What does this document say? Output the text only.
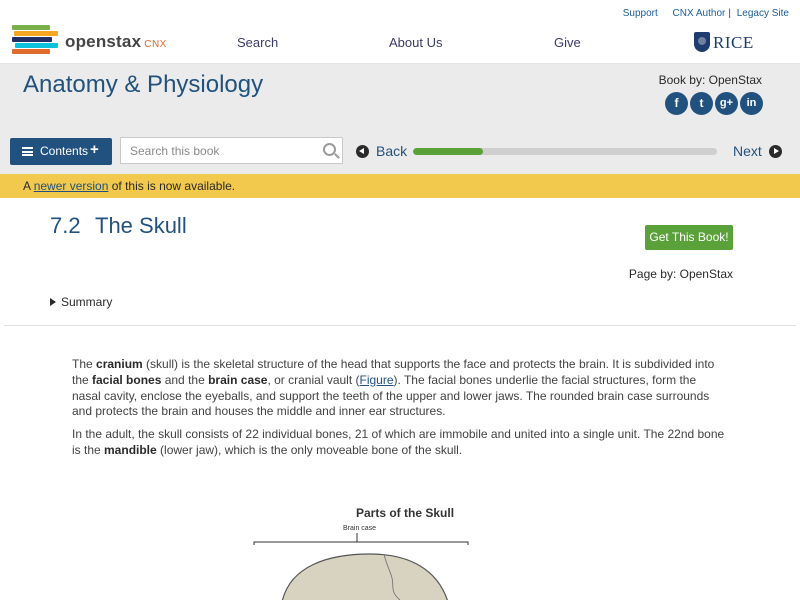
openstax CNX
Support CNX Author | Legacy Site
Search	About Us	Give	RICE
Anatomy & Physiology	Book by: OpenStax
f	t	g+	in
Contents +
Search this book	Back	Next
A newer version of this is now available.
7.2 The Skull	Get This Book!
Page by: OpenStax
Summary

The cranium (skull) is the skeletal structure of the head that supports the face and protects the brain. It is subdivided into the facial bones and the brain case, or cranial vault (Figure). The facial bones underlie the facial structures, form the nasal cavity, enclose the eyeballs, and support the teeth of the upper and lower jaws. The rounded brain case surrounds and protects the brain and houses the middle and inner ear structures.

In the adult, the skull consists of 22 individual bones, 21 of which are immobile and united into a single unit. The 22nd bone is the mandible (lower jaw), which is the only moveable bone of the skull.

Parts of the Skull
Brain case
